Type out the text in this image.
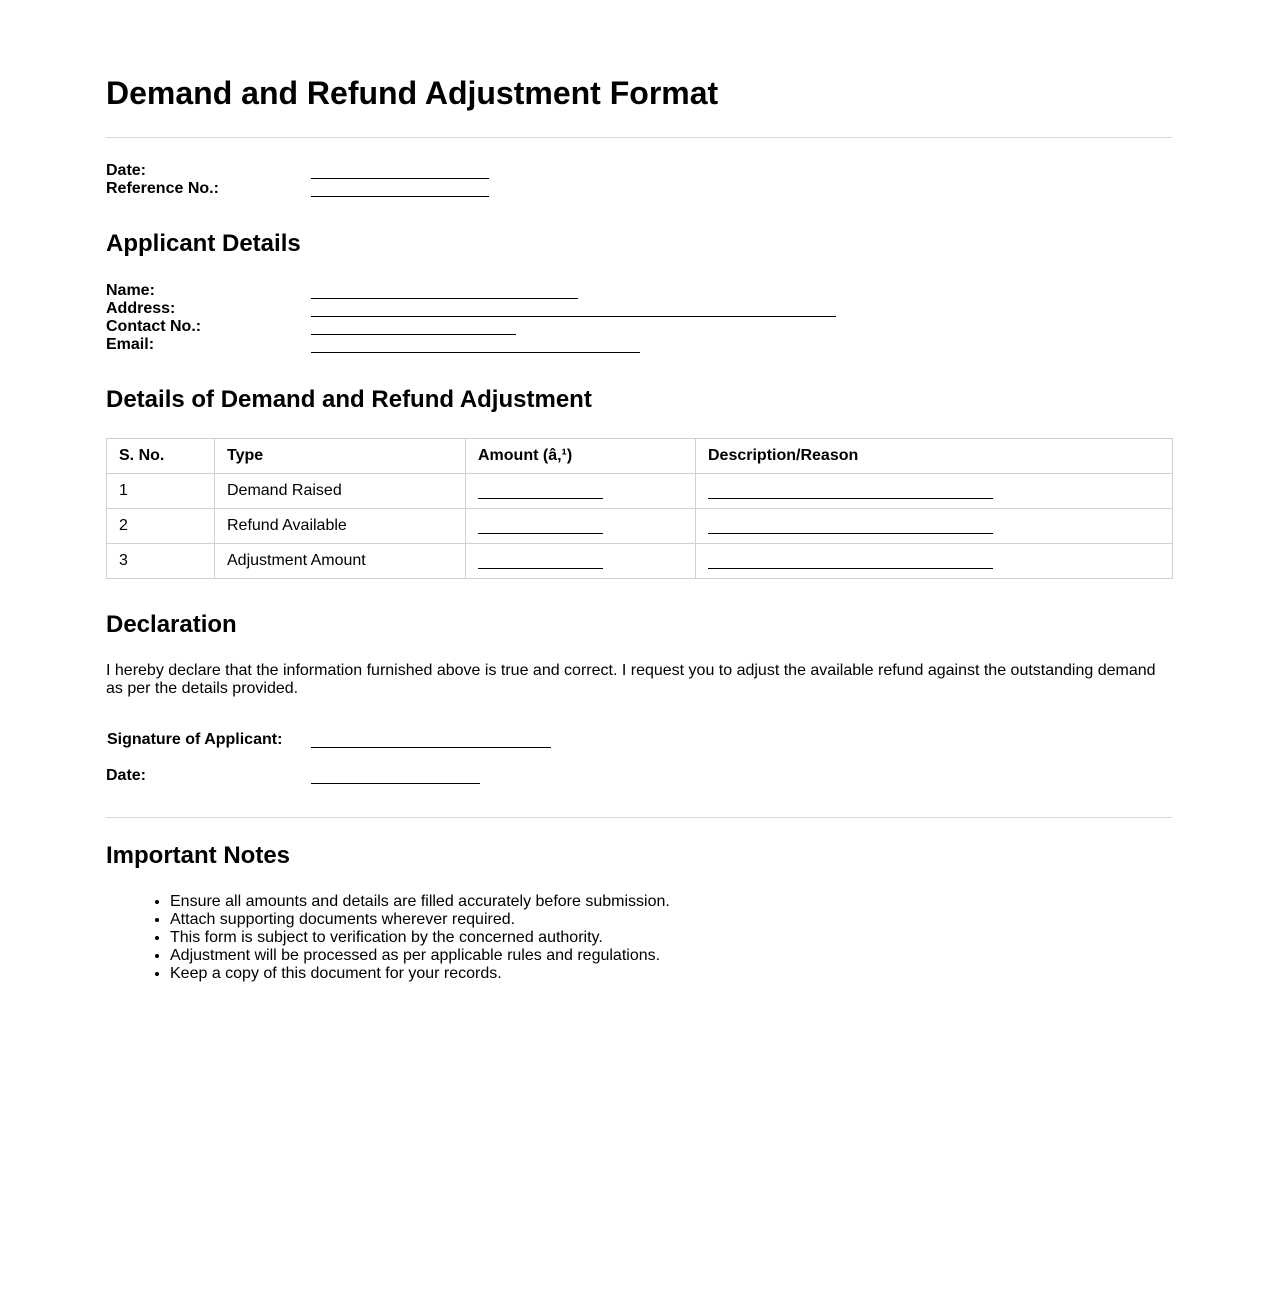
Demand and Refund Adjustment Format
Date:
Reference No.:
Applicant Details
Name:
Address:
Contact No.:
Email:
Details of Demand and Refund Adjustment
S. No.	Type	Amount (â‚¹)	Description/Reason
1	Demand Raised		
2	Refund Available		
3	Adjustment Amount		
Declaration

I hereby declare that the information furnished above is true and correct. I request you to adjust the available refund against the outstanding demand as per the details provided.

Signature of Applicant:
Date:
Important Notes
• Ensure all amounts and details are filled accurately before submission.
• Attach supporting documents wherever required.
• This form is subject to verification by the concerned authority.
• Adjustment will be processed as per applicable rules and regulations.
• Keep a copy of this document for your records.
